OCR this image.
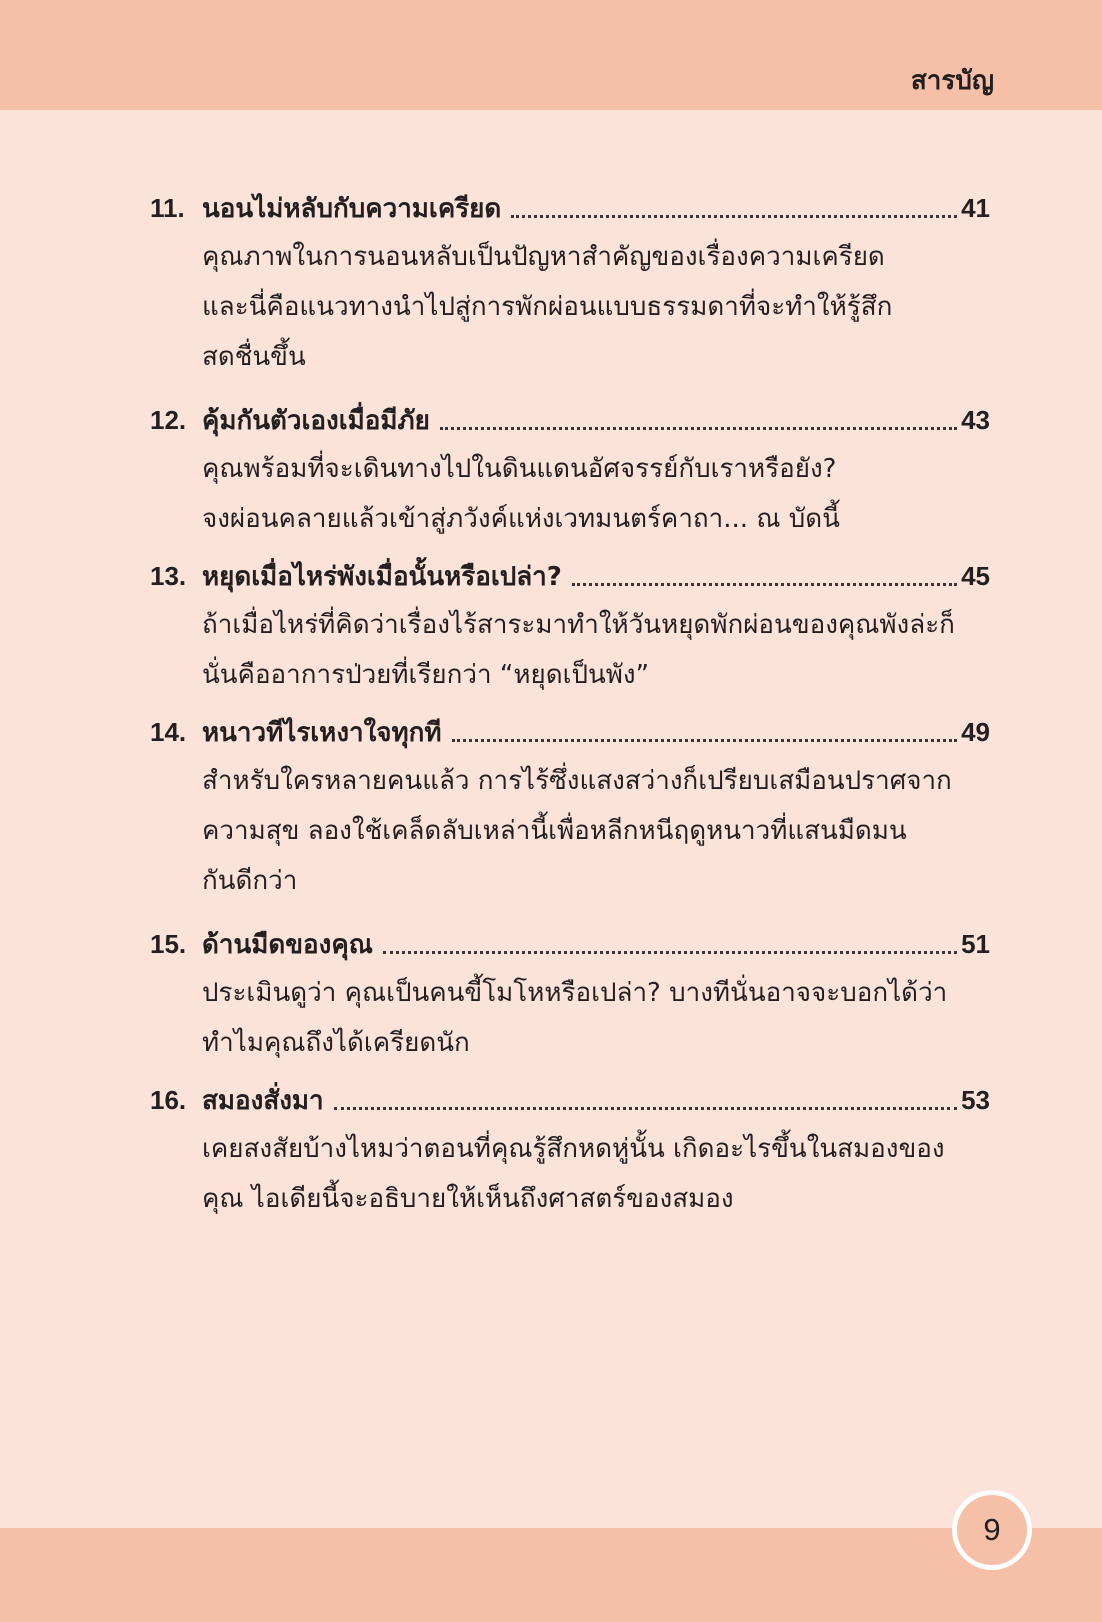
สารบัญ
11. นอนไม่หลับกับความเครียด	41
คุณภาพในการนอนหลับเป็นปัญหาสำคัญของเรื่องความเครียด
และนี่คือแนวทางนำไปสู่การพักผ่อนแบบธรรมดาที่จะทำให้รู้สึก
สดชื่นขึ้น
12. คุ้มกันตัวเองเมื่อมีภัย	43
คุณพร้อมที่จะเดินทางไปในดินแดนอัศจรรย์กับเราหรือยัง?
จงผ่อนคลายแล้วเข้าสู่ภวังค์แห่งเวทมนตร์คาถา... ณ บัดนี้
13. หยุดเมื่อไหร่พังเมื่อนั้นหรือเปล่า?	45
ถ้าเมื่อไหร่ที่คิดว่าเรื่องไร้สาระมาทำให้วันหยุดพักผ่อนของคุณพังล่ะก็
นั่นคืออาการป่วยที่เรียกว่า “หยุดเป็นพัง”
14. หนาวทีไรเหงาใจทุกที	49
สำหรับใครหลายคนแล้ว การไร้ซึ่งแสงสว่างก็เปรียบเสมือนปราศจาก
ความสุข ลองใช้เคล็ดลับเหล่านี้เพื่อหลีกหนีฤดูหนาวที่แสนมืดมน
กันดีกว่า
15. ด้านมืดของคุณ	51
ประเมินดูว่า คุณเป็นคนขี้โมโหหรือเปล่า? บางทีนั่นอาจจะบอกได้ว่า
ทำไมคุณถึงได้เครียดนัก
16. สมองสั่งมา	53
เคยสงสัยบ้างไหมว่าตอนที่คุณรู้สึกหดหู่นั้น เกิดอะไรขึ้นในสมองของ
คุณ ไอเดียนี้จะอธิบายให้เห็นถึงศาสตร์ของสมอง
9
